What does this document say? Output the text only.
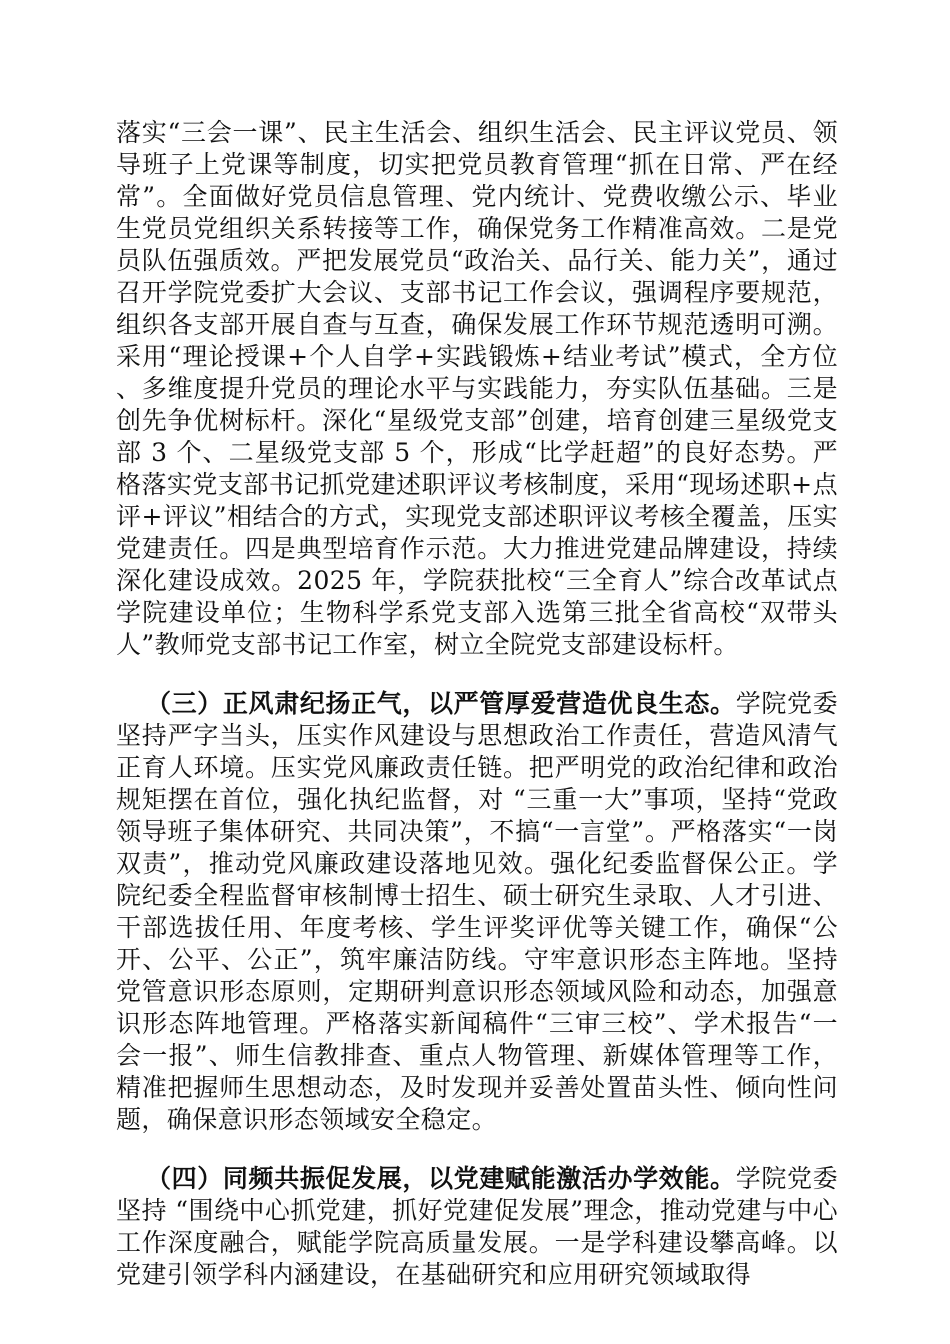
落实“三会一课”、民主生活会、组织生活会、民主评议党员、领导班子上党课等制度，切实把党员教育管理“抓在日常、严在经常”。全面做好党员信息管理、党内统计、党费收缴公示、毕业生党员党组织关系转接等工作，确保党务工作精准高效。二是党员队伍强质效。严把发展党员“政治关、品行关、能力关”，通过召开学院党委扩大会议、支部书记工作会议，强调程序要规范，组织各支部开展自查与互查，确保发展工作环节规范透明可溯。采用“理论授课+个人自学+实践锻炼+结业考试”模式，全方位、多维度提升党员的理论水平与实践能力，夯实队伍基础。三是创先争优树标杆。深化“星级党支部”创建，培育创建三星级党支部 3 个、二星级党支部 5 个，形成“比学赶超”的良好态势。严格落实党支部书记抓党建述职评议考核制度，采用“现场述职+点评+评议”相结合的方式，实现党支部述职评议考核全覆盖，压实党建责任。四是典型培育作示范。大力推进党建品牌建设，持续深化建设成效。2025 年，学院获批校“三全育人”综合改革试点学院建设单位；生物科学系党支部入选第三批全省高校“双带头人”教师党支部书记工作室，树立全院党支部建设标杆。

（三）正风肃纪扬正气，以严管厚爱营造优良生态。学院党委坚持严字当头，压实作风建设与思想政治工作责任，营造风清气正育人环境。压实党风廉政责任链。把严明党的政治纪律和政治规矩摆在首位，强化执纪监督，对 “三重一大”事项，坚持“党政领导班子集体研究、共同决策”，不搞“一言堂”。严格落实“一岗双责”，推动党风廉政建设落地见效。强化纪委监督保公正。学院纪委全程监督审核制博士招生、硕士研究生录取、人才引进、干部选拔任用、年度考核、学生评奖评优等关键工作，确保“公开、公平、公正”，筑牢廉洁防线。守牢意识形态主阵地。坚持党管意识形态原则，定期研判意识形态领域风险和动态，加强意识形态阵地管理。严格落实新闻稿件“三审三校”、学术报告“一会一报”、师生信教排查、重点人物管理、新媒体管理等工作，精准把握师生思想动态，及时发现并妥善处置苗头性、倾向性问题，确保意识形态领域安全稳定。

（四）同频共振促发展，以党建赋能激活办学效能。学院党委坚持 “围绕中心抓党建，抓好党建促发展”理念，推动党建与中心工作深度融合，赋能学院高质量发展。一是学科建设攀高峰。以党建引领学科内涵建设，在基础研究和应用研究领域取得
